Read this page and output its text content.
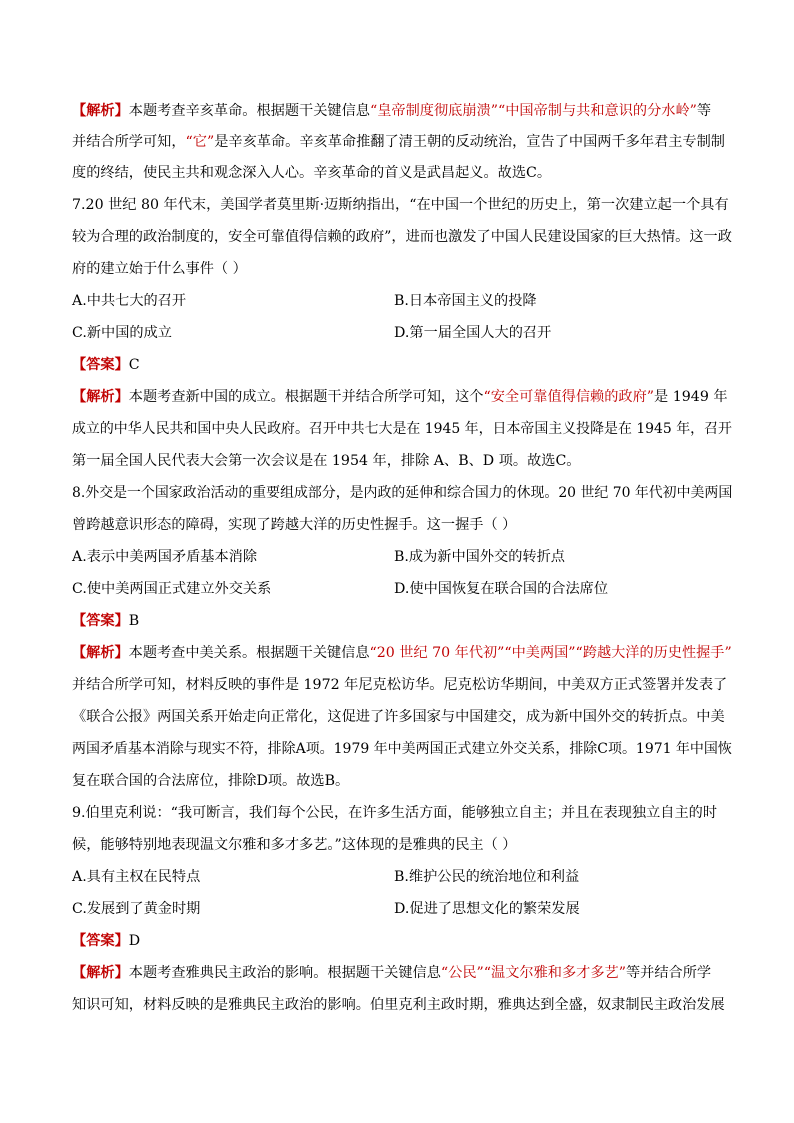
【解析】本题考查辛亥革命。根据题干关键信息“皇帝制度彻底崩溃”“中国帝制与共和意识的分水岭”等
并结合所学可知，“它”是辛亥革命。辛亥革命推翻了清王朝的反动统治，宣告了中国两千多年君主专制制
度的终结，使民主共和观念深入人心。辛亥革命的首义是武昌起义。故选C。
7.20 世纪 80 年代末，美国学者莫里斯·迈斯纳指出，“在中国一个世纪的历史上，第一次建立起一个具有
较为合理的政治制度的，安全可靠值得信赖的政府”，进而也激发了中国人民建设国家的巨大热情。这一政
府的建立始于什么事件（ ）
A.中共七大的召开	B.日本帝国主义的投降
C.新中国的成立	D.第一届全国人大的召开
【答案】C
【解析】本题考查新中国的成立。根据题干并结合所学可知，这个“安全可靠值得信赖的政府”是 1949 年
成立的中华人民共和国中央人民政府。召开中共七大是在 1945 年，日本帝国主义投降是在 1945 年，召开
第一届全国人民代表大会第一次会议是在 1954 年，排除 A、B、D 项。故选C。
8.外交是一个国家政治活动的重要组成部分，是内政的延伸和综合国力的休现。20 世纪 70 年代初中美两国
曾跨越意识形态的障碍，实现了跨越大洋的历史性握手。这一握手（ ）
A.表示中美两国矛盾基本消除	B.成为新中国外交的转折点
C.使中美两国正式建立外交关系	D.使中国恢复在联合国的合法席位
【答案】B
【解析】本题考查中美关系。根据题干关键信息“20 世纪 70 年代初”“中美两国”“跨越大洋的历史性握手”
并结合所学可知，材料反映的事件是 1972 年尼克松访华。尼克松访华期间，中美双方正式签署并发表了
《联合公报》两国关系开始走向正常化，这促进了许多国家与中国建交，成为新中国外交的转折点。中美
两国矛盾基本消除与现实不符，排除A项。1979 年中美两国正式建立外交关系，排除C项。1971 年中国恢
复在联合国的合法席位，排除D项。故选B。
9.伯里克利说：“我可断言，我们每个公民，在许多生活方面，能够独立自主；并且在表现独立自主的时
候，能够特别地表现温文尔雅和多才多艺。”这体现的是雅典的民主（ ）
A.具有主权在民特点	B.维护公民的统治地位和利益
C.发展到了黄金时期	D.促进了思想文化的繁荣发展
【答案】D
【解析】本题考查雅典民主政治的影响。根据题干关键信息“公民”“温文尔雅和多才多艺”等并结合所学
知识可知，材料反映的是雅典民主政治的影响。伯里克利主政时期，雅典达到全盛，奴隶制民主政治发展
